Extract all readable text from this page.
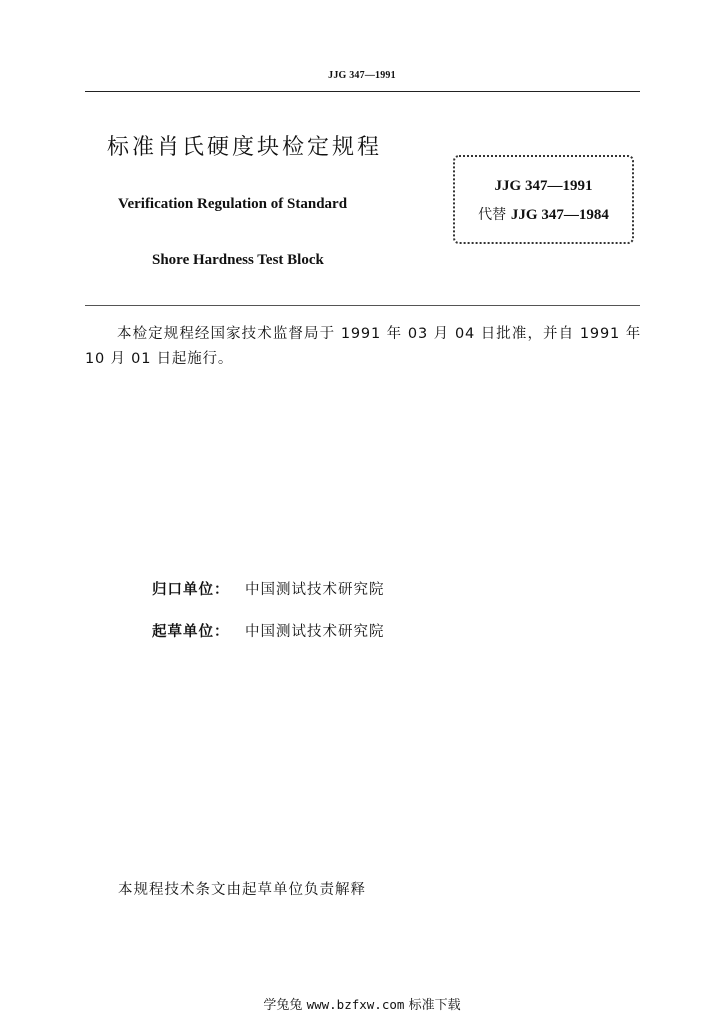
JJG 347—1991
标准肖氏硬度块检定规程
Verification Regulation of Standard
Shore Hardness Test Block
JJG 347—1991
代替 JJG 347—1984
本检定规程经国家技术监督局于 1991 年 03 月 04 日批准，并自 1991 年 10 月 01 日起施行。
归口单位： 中国测试技术研究院
起草单位： 中国测试技术研究院
本规程技术条文由起草单位负责解释
学兔兔 www.bzfxw.com 标准下载
